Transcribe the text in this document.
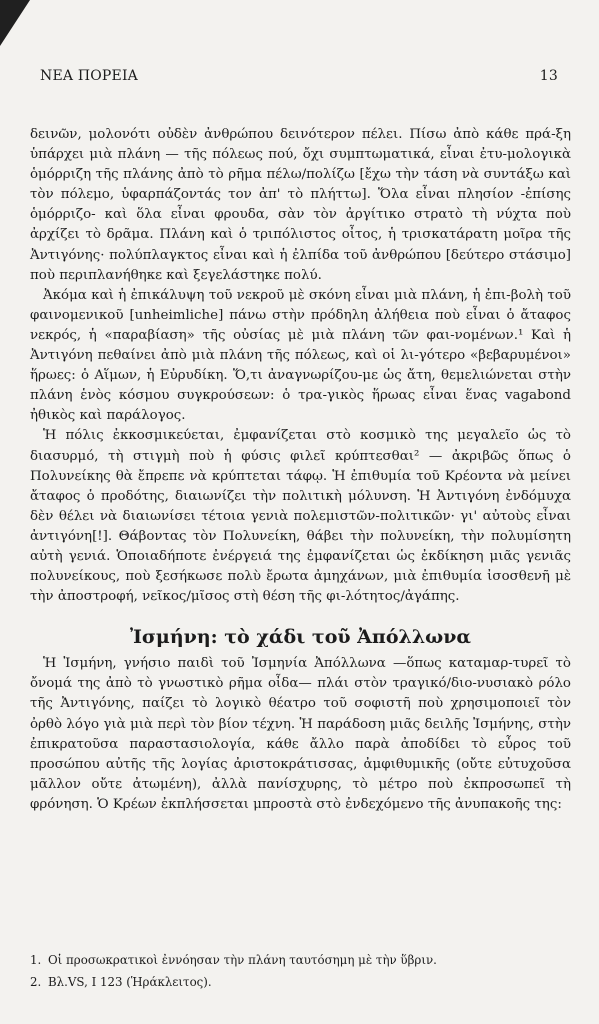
ΝΕΑ ΠΟΡΕΙΑ	13

δεινῶν, μολονότι οὐδὲν ἀνθρώπου δεινότερον πέλει. Πίσω ἀπὸ κάθε πρά-ξη ὑπάρχει μιὰ πλάνη — τῆς πόλεως πού, ὄχι συμπτωματικά, εἶναι ἐτυ-μολογικὰ ὁμόρριζη τῆς πλάνης ἀπὸ τὸ ρῆμα πέλω/πολίζω [ἔχω τὴν τάση νὰ συντάξω καὶ τὸν πόλεμο, ὑφαρπάζοντάς τον ἀπ' τὸ πλήττω]. Ὅλα εἶναι πλησίον -ἐπίσης ὁμόρριζο- καὶ ὅλα εἶναι φρουδα, σὰν τὸν ἀργίτικο στρατὸ τὴ νύχτα ποὺ ἀρχίζει τὸ δρᾶμα. Πλάνη καὶ ὁ τριπόλιστος οἶτος, ἡ τρισκατάρατη μοῖρα τῆς Ἀντιγόνης· πολύπλαγκτος εἶναι καὶ ἡ ἐλπίδα τοῦ ἀνθρώπου [δεύτερο στάσιμο] ποὺ περιπλανήθηκε καὶ ξεγελάστηκε πολύ.

Ἀκόμα καὶ ἡ ἐπικάλυψη τοῦ νεκροῦ μὲ σκόνη εἶναι μιὰ πλάνη, ἡ ἐπι-βολὴ τοῦ φαινομενικοῦ [unheimliche] πάνω στὴν πρόδηλη ἀλήθεια ποὺ εἶναι ὁ ἄταφος νεκρός, ἡ «παραβίαση» τῆς οὐσίας μὲ μιὰ πλάνη τῶν φαι-νομένων.¹ Καὶ ἡ Ἀντιγόνη πεθαίνει ἀπὸ μιὰ πλάνη τῆς πόλεως, καὶ οἱ λι-γότερο «βεβαρυμένοι» ἥρωες: ὁ Αἵμων, ἡ Εὐρυδίκη. Ὅ,τι ἀναγνωρίζου-με ὡς ἄτη, θεμελιώνεται στὴν πλάνη ἑνὸς κόσμου συγκρούσεων: ὁ τρα-γικὸς ἥρωας εἶναι ἕνας vagabond ἠθικὸς καὶ παράλογος.

Ἡ πόλις ἐκκοσμικεύεται, ἐμφανίζεται στὸ κοσμικὸ της μεγαλεῖο ὡς τὸ διασυρμό, τὴ στιγμὴ ποὺ ἡ φύσις φιλεῖ κρύπτεσθαι² — ἀκριβῶς ὅπως ὁ Πολυνείκης θὰ ἔπρεπε νὰ κρύπτεται τάφῳ. Ἡ ἐπιθυμία τοῦ Κρέοντα νὰ μείνει ἄταφος ὁ προδότης, διαιωνίζει τὴν πολιτικὴ μόλυνση. Ἡ Ἀντιγόνη ἐνδόμυχα δὲν θέλει νὰ διαιωνίσει τέτοια γενιὰ πολεμιστῶν-πολιτικῶν· γι' αὐτοὺς εἶναι ἀντιγόνη[!]. Θάβοντας τὸν Πολυνείκη, θάβει τὴν πολυνείκη, τὴν πολυμίσητη αὐτὴ γενιά. Ὁποιαδήποτε ἐνέργειά της ἐμφανίζεται ὡς ἐκδίκηση μιᾶς γενιᾶς πολυνείκους, ποὺ ξεσήκωσε πολὺ ἔρωτα ἀμηχάνων, μιὰ ἐπιθυμία ἰσοσθενῆ μὲ τὴν ἀποστροφή, νεῖκος/μῖσος στὴ θέση τῆς φι-λότητος/ἀγάπης.

Ἰσμήνη: τὸ χάδι τοῦ Ἀπόλλωνα

Ἡ Ἰσμήνη, γνήσιο παιδὶ τοῦ Ἰσμηνία Ἀπόλλωνα —ὅπως καταμαρ-τυρεῖ τὸ ὄνομά της ἀπὸ τὸ γνωστικὸ ρῆμα οἶδα— πλάι στὸν τραγικό/διο-νυσιακὸ ρόλο τῆς Ἀντιγόνης, παίζει τὸ λογικὸ θέατρο τοῦ σοφιστῆ ποὺ χρησιμοποιεῖ τὸν ὀρθὸ λόγο γιὰ μιὰ περὶ τὸν βίον τέχνη. Ἡ παράδοση μιᾶς δειλῆς Ἰσμήνης, στὴν ἐπικρατοῦσα παραστασιολογία, κάθε ἄλλο παρὰ ἀποδίδει τὸ εὖρος τοῦ προσώπου αὐτῆς τῆς λογίας ἀριστοκράτισσας, ἀμφιθυμικῆς (οὔτε εὐτυχοῦσα μᾶλλον οὔτε ἀτωμένη), ἀλλὰ πανίσχυρης, τὸ μέτρο ποὺ ἐκπροσωπεῖ τὴ φρόνηση. Ὁ Κρέων ἐκπλήσσεται μπροστὰ στὸ ἐνδεχόμενο τῆς ἀνυπακοῆς της:

1. Οἱ προσωκρατικοὶ ἐννόησαν τὴν πλάνη ταυτόσημη μὲ τὴν ὕβριν.
2. Βλ.VS, I 123 (Ἡράκλειτος).
